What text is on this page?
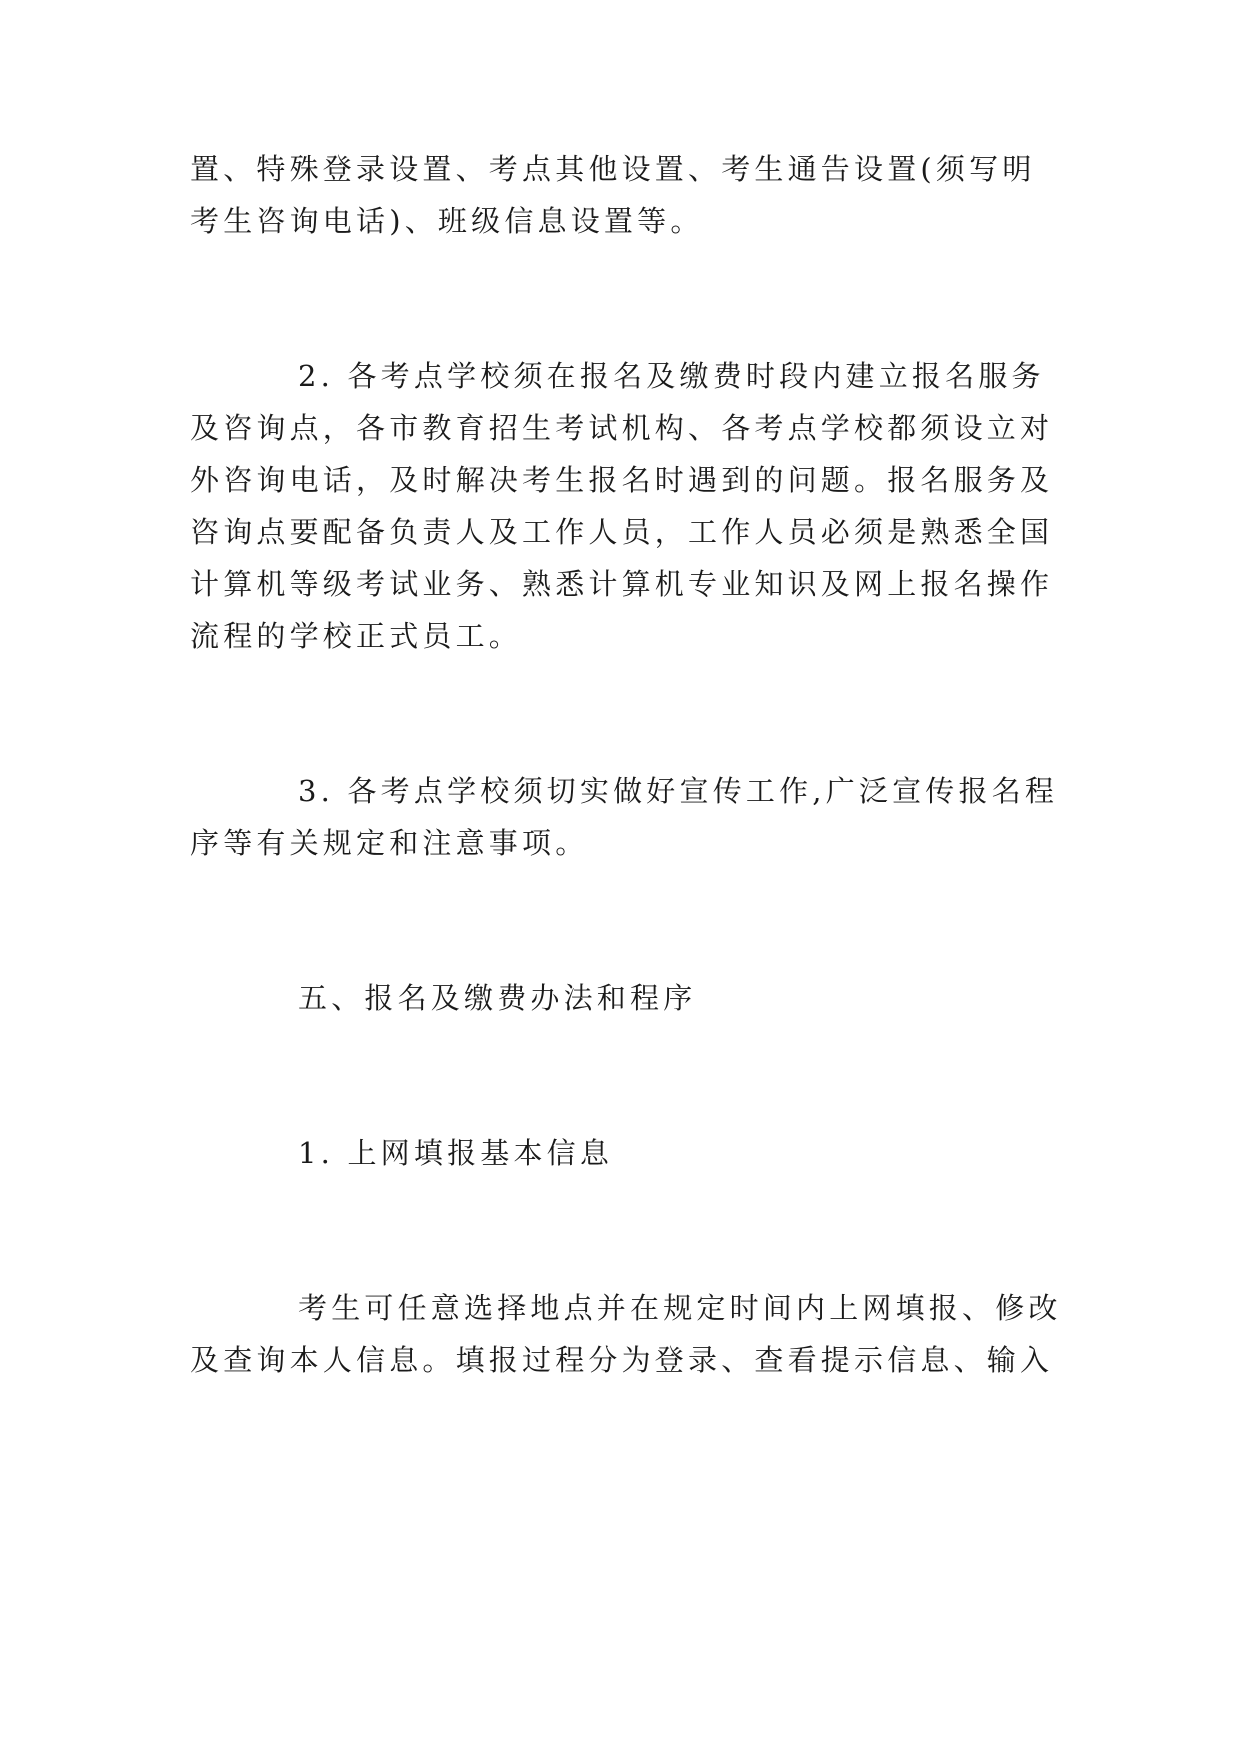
置、特殊登录设置、考点其他设置、考生通告设置(须写明

考生咨询电话)、班级信息设置等。

2. 各考点学校须在报名及缴费时段内建立报名服务

及咨询点，各市教育招生考试机构、各考点学校都须设立对

外咨询电话，及时解决考生报名时遇到的问题。报名服务及

咨询点要配备负责人及工作人员，工作人员必须是熟悉全国

计算机等级考试业务、熟悉计算机专业知识及网上报名操作

流程的学校正式员工。

3. 各考点学校须切实做好宣传工作,广泛宣传报名程

序等有关规定和注意事项。

五、报名及缴费办法和程序

1. 上网填报基本信息

考生可任意选择地点并在规定时间内上网填报、修改

及查询本人信息。填报过程分为登录、查看提示信息、输入
